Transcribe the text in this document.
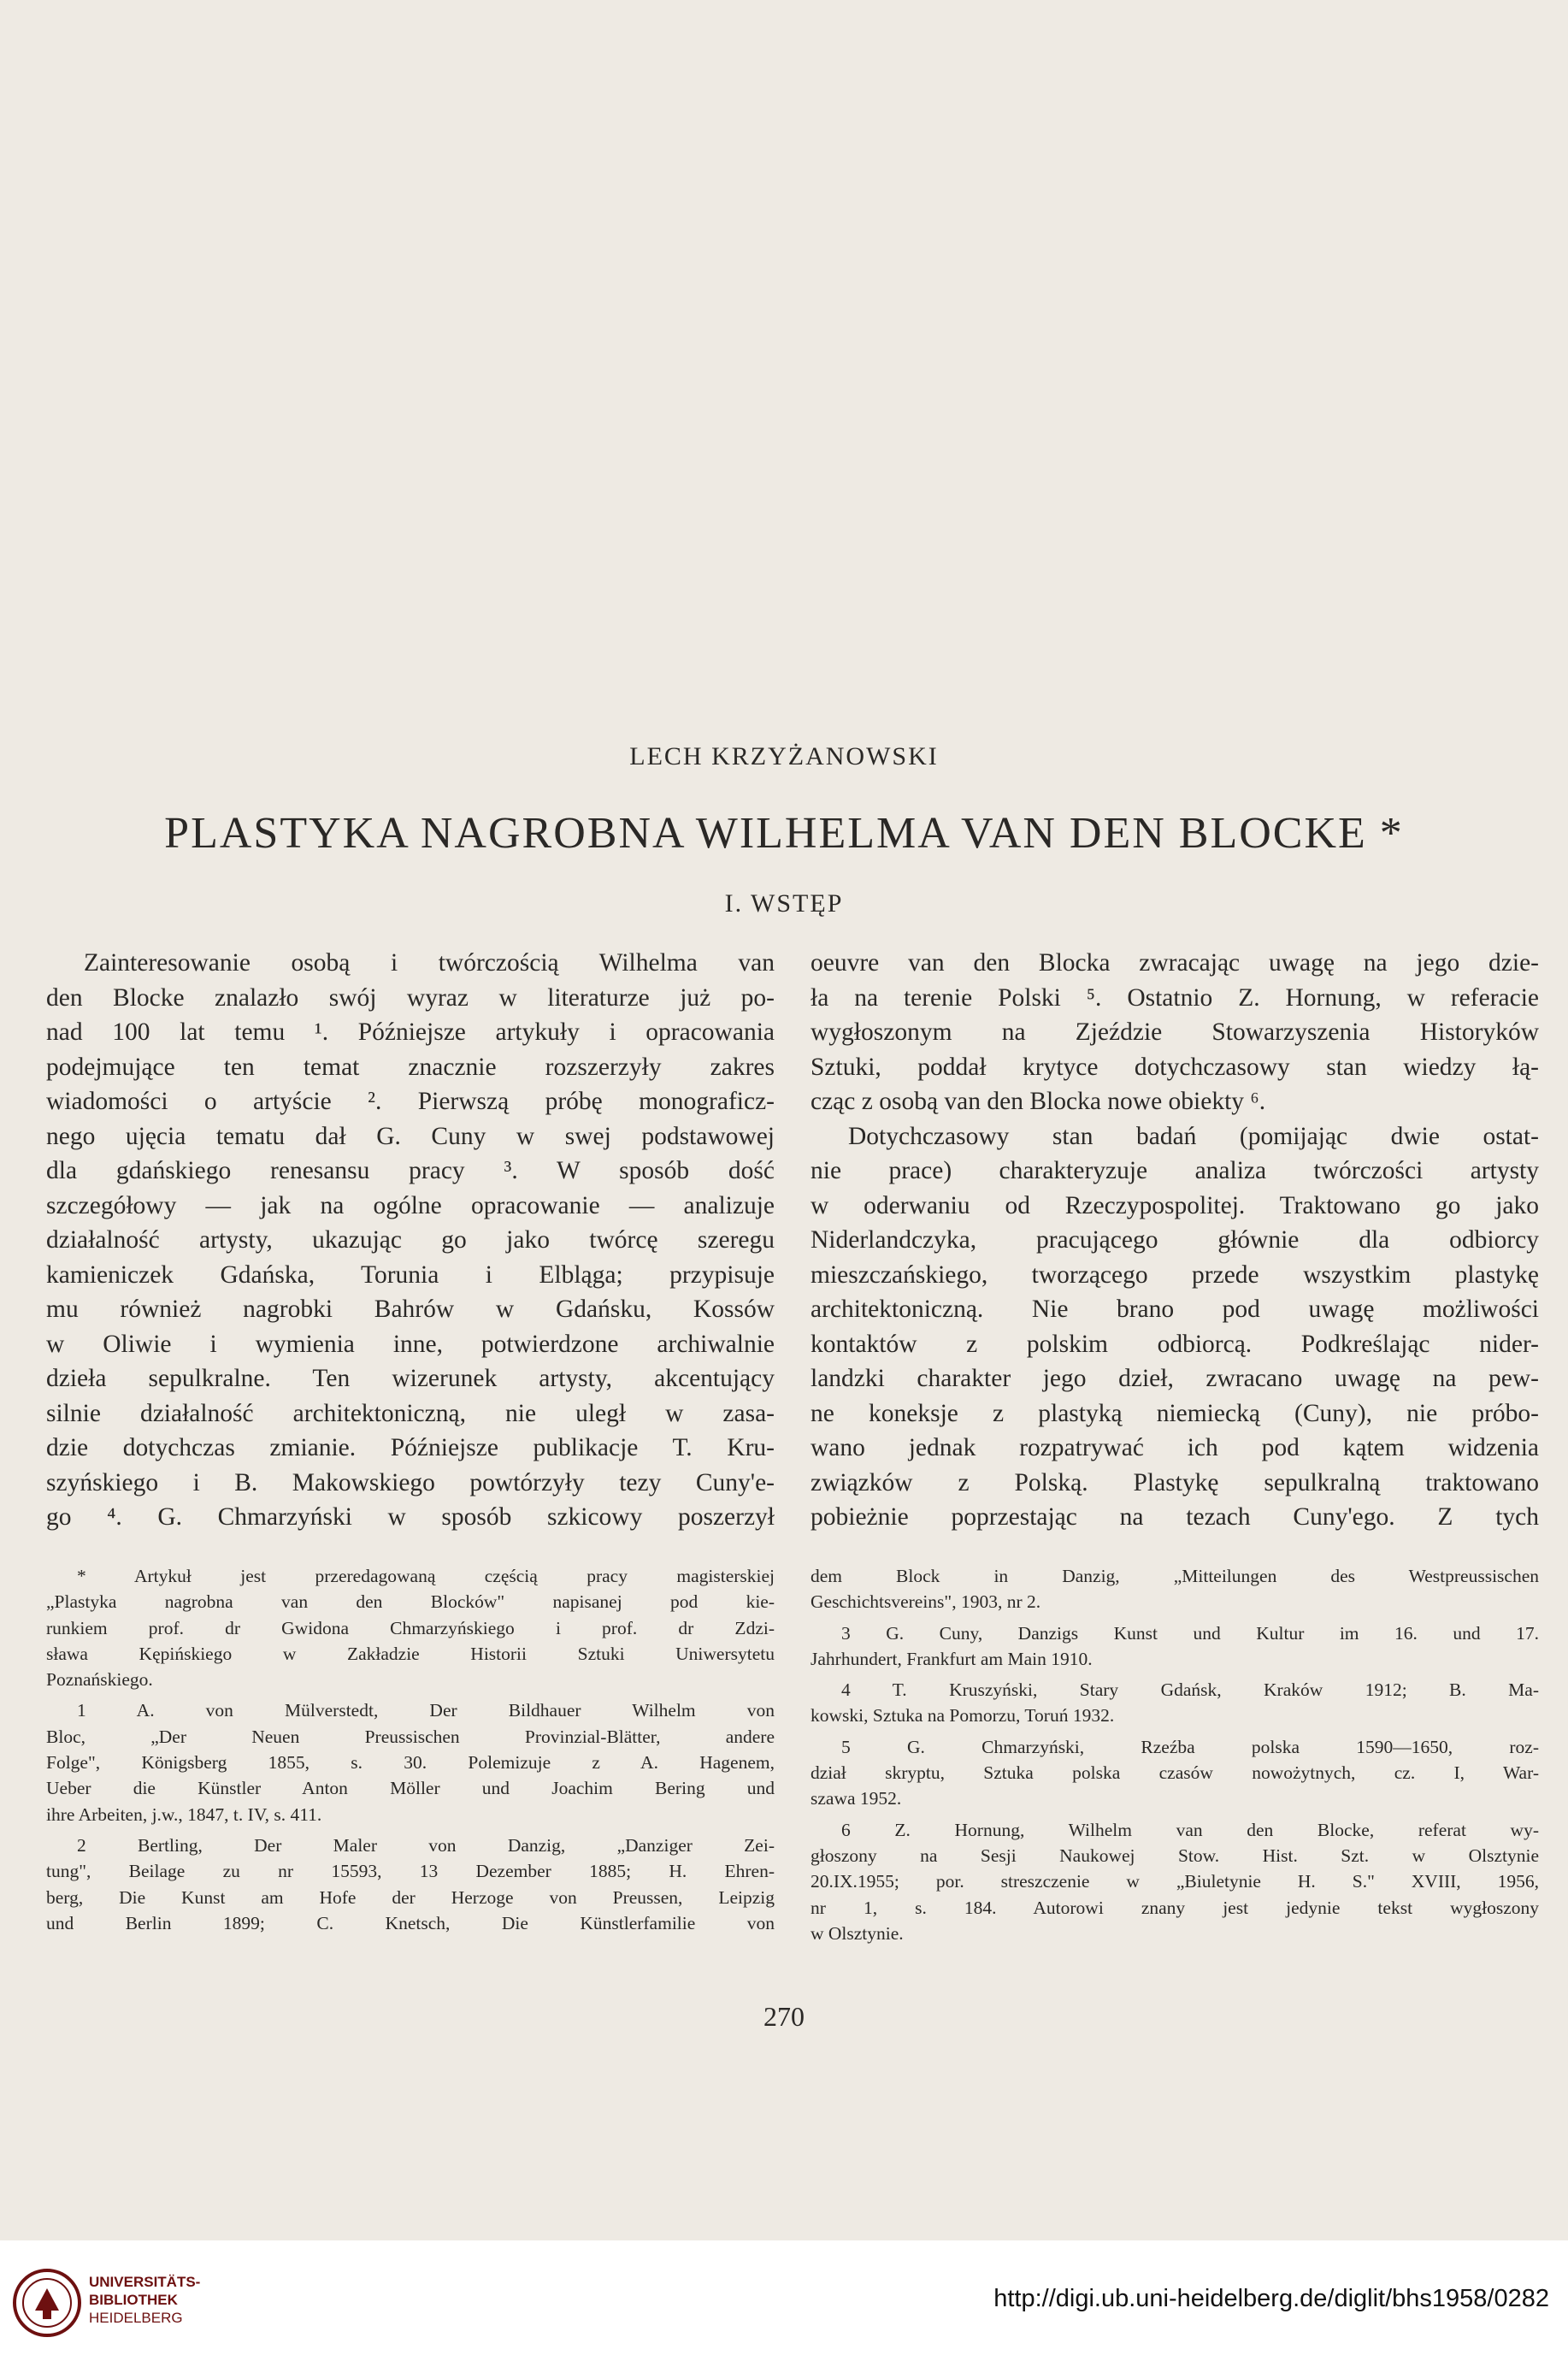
LECH KRZYŻANOWSKI
PLASTYKA NAGROBNA WILHELMA VAN DEN BLOCKE *
I. WSTĘP
Zainteresowanie osobą i twórczością Wilhelma van
den Blocke znalazło swój wyraz w literaturze już po-
nad 100 lat temu ¹. Późniejsze artykuły i opracowania
podejmujące ten temat znacznie rozszerzyły zakres
wiadomości o artyście ². Pierwszą próbę monograficz-
nego ujęcia tematu dał G. Cuny w swej podstawowej
dla gdańskiego renesansu pracy ³. W sposób dość
szczegółowy — jak na ogólne opracowanie — analizuje
działalność artysty, ukazując go jako twórcę szeregu
kamieniczek Gdańska, Torunia i Elbląga; przypisuje
mu również nagrobki Bahrów w Gdańsku, Kossów
w Oliwie i wymienia inne, potwierdzone archiwalnie
dzieła sepulkralne. Ten wizerunek artysty, akcentujący
silnie działalność architektoniczną, nie uległ w zasa-
dzie dotychczas zmianie. Późniejsze publikacje T. Kru-
szyńskiego i B. Makowskiego powtórzyły tezy Cuny'e-
go ⁴. G. Chmarzyński w sposób szkicowy poszerzył
oeuvre van den Blocka zwracając uwagę na jego dzie-
ła na terenie Polski ⁵. Ostatnio Z. Hornung, w referacie
wygłoszonym na Zjeździe Stowarzyszenia Historyków
Sztuki, poddał krytyce dotychczasowy stan wiedzy łą-
cząc z osobą van den Blocka nowe obiekty ⁶.
Dotychczasowy stan badań (pomijając dwie ostat-
nie prace) charakteryzuje analiza twórczości artysty
w oderwaniu od Rzeczypospolitej. Traktowano go jako
Niderlandczyka, pracującego głównie dla odbiorcy
mieszczańskiego, tworzącego przede wszystkim plastykę
architektoniczną. Nie brano pod uwagę możliwości
kontaktów z polskim odbiorcą. Podkreślając nider-
landzki charakter jego dzieł, zwracano uwagę na pew-
ne koneksje z plastyką niemiecką (Cuny), nie próbo-
wano jednak rozpatrywać ich pod kątem widzenia
związków z Polską. Plastykę sepulkralną traktowano
pobieżnie poprzestając na tezach Cuny'ego. Z tych
* Artykuł jest przeredagowaną częścią pracy magisterskiej
„Plastyka nagrobna van den Blocków" napisanej pod kie-
runkiem prof. dr Gwidona Chmarzyńskiego i prof. dr Zdzi-
sława Kępińskiego w Zakładzie Historii Sztuki Uniwersytetu
Poznańskiego.
1 A. von Mülverstedt, Der Bildhauer Wilhelm von
Bloc, „Der Neuen Preussischen Provinzial-Blätter, andere
Folge", Königsberg 1855, s. 30. Polemizuje z A. Hagenem,
Ueber die Künstler Anton Möller und Joachim Bering und
ihre Arbeiten, j.w., 1847, t. IV, s. 411.
2 Bertling, Der Maler von Danzig, „Danziger Zei-
tung", Beilage zu nr 15593, 13 Dezember 1885; H. Ehren-
berg, Die Kunst am Hofe der Herzoge von Preussen, Leipzig
und Berlin 1899; C. Knetsch, Die Künstlerfamilie von
dem Block in Danzig, „Mitteilungen des Westpreussischen
Geschichtsvereins", 1903, nr 2.
3 G. Cuny, Danzigs Kunst und Kultur im 16. und 17.
Jahrhundert, Frankfurt am Main 1910.
4 T. Kruszyński, Stary Gdańsk, Kraków 1912; B. Ma-
kowski, Sztuka na Pomorzu, Toruń 1932.
5 G. Chmarzyński, Rzeźba polska 1590—1650, roz-
dział skryptu, Sztuka polska czasów nowożytnych, cz. I, War-
szawa 1952.
6 Z. Hornung, Wilhelm van den Blocke, referat wy-
głoszony na Sesji Naukowej Stow. Hist. Szt. w Olsztynie
20.IX.1955; por. streszczenie w „Biuletynie H. S." XVIII, 1956,
nr 1, s. 184. Autorowi znany jest jedynie tekst wygłoszony
w Olsztynie.
270
UNIVERSITÄTS-
BIBLIOTHEK
HEIDELBERG
http://digi.ub.uni-heidelberg.de/diglit/bhs1958/0282
